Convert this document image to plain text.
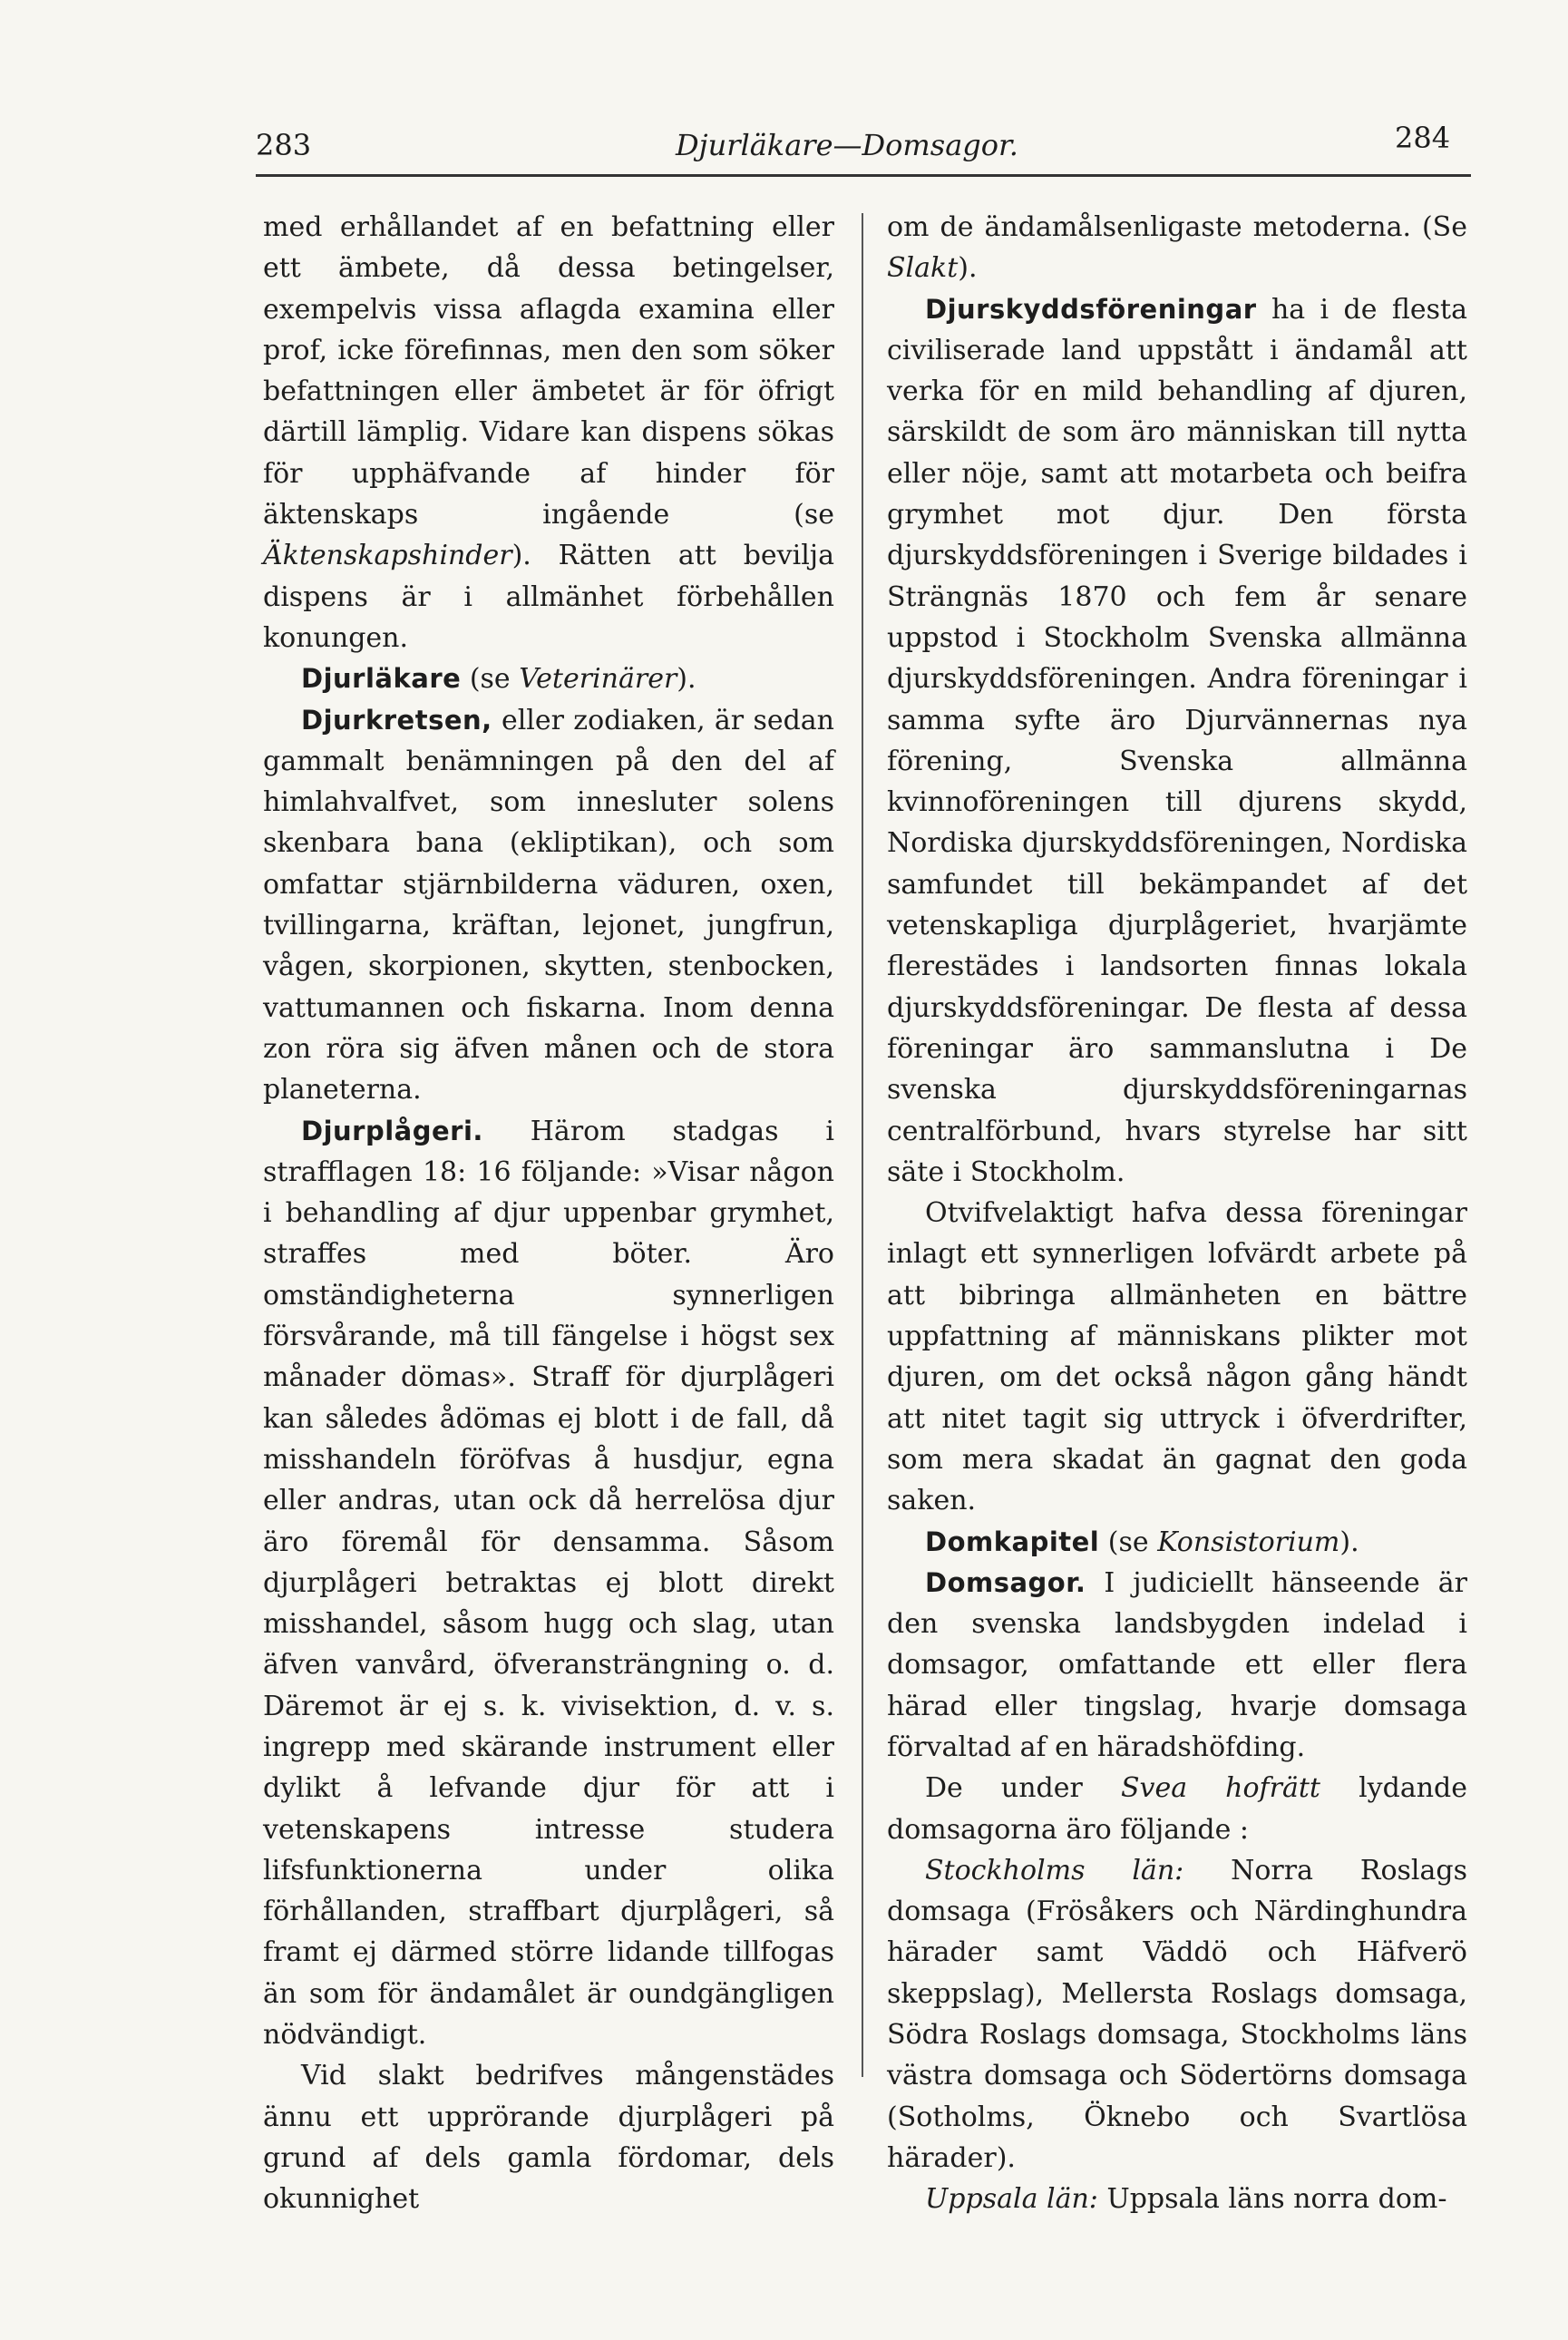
283	Djurläkare—Domsagor.	284

med erhållandet af en befattning eller ett ämbete, då dessa betingelser, exempelvis vissa aflagda examina eller prof, icke förefinnas, men den som söker befattningen eller ämbetet är för öfrigt därtill lämplig. Vidare kan dispens sökas för upphäfvande af hinder för äktenskaps ingående (se Äktenskapshinder). Rätten att bevilja dispens är i allmänhet förbehållen konungen.

Djurläkare (se Veterinärer).

Djurkretsen, eller zodiaken, är sedan gammalt benämningen på den del af himlahvalfvet, som innesluter solens skenbara bana (ekliptikan), och som omfattar stjärnbilderna väduren, oxen, tvillingarna, kräftan, lejonet, jungfrun, vågen, skorpionen, skytten, stenbocken, vattumannen och fiskarna. Inom denna zon röra sig äfven månen och de stora planeterna.

Djurplågeri. Härom stadgas i strafflagen 18: 16 följande: »Visar någon i behandling af djur uppenbar grymhet, straffes med böter. Äro omständigheterna synnerligen försvårande, må till fängelse i högst sex månader dömas». Straff för djurplågeri kan således ådömas ej blott i de fall, då misshandeln föröfvas å husdjur, egna eller andras, utan ock då herrelösa djur äro föremål för densamma. Såsom djurplågeri betraktas ej blott direkt misshandel, såsom hugg och slag, utan äfven vanvård, öfveransträngning o. d. Däremot är ej s. k. vivisektion, d. v. s. ingrepp med skärande instrument eller dylikt å lefvande djur för att i vetenskapens intresse studera lifsfunktionerna under olika förhållanden, straffbart djurplågeri, så framt ej därmed större lidande tillfogas än som för ändamålet är oundgängligen nödvändigt.

Vid slakt bedrifves mångenstädes ännu ett upprörande djurplågeri på grund af dels gamla fördomar, dels okunnighet

om de ändamålsenligaste metoderna. (Se Slakt).

Djurskyddsföreningar ha i de flesta civiliserade land uppstått i ändamål att verka för en mild behandling af djuren, särskildt de som äro människan till nytta eller nöje, samt att motarbeta och beifra grymhet mot djur. Den första djurskyddsföreningen i Sverige bildades i Strängnäs 1870 och fem år senare uppstod i Stockholm Svenska allmänna djurskyddsföreningen. Andra föreningar i samma syfte äro Djurvännernas nya förening, Svenska allmänna kvinnoföreningen till djurens skydd, Nordiska djurskyddsföreningen, Nordiska samfundet till bekämpandet af det vetenskapliga djurplågeriet, hvarjämte flerestädes i landsorten finnas lokala djurskyddsföreningar. De flesta af dessa föreningar äro sammanslutna i De svenska djurskyddsföreningarnas centralförbund, hvars styrelse har sitt säte i Stockholm.

Otvifvelaktigt hafva dessa föreningar inlagt ett synnerligen lofvärdt arbete på att bibringa allmänheten en bättre uppfattning af människans plikter mot djuren, om det också någon gång händt att nitet tagit sig uttryck i öfverdrifter, som mera skadat än gagnat den goda saken.

Domkapitel (se Konsistorium).

Domsagor. I judiciellt hänseende är den svenska landsbygden indelad i domsagor, omfattande ett eller flera härad eller tingslag, hvarje domsaga förvaltad af en häradshöfding.

De under Svea hofrätt lydande domsagorna äro följande :

Stockholms län: Norra Roslags domsaga (Frösåkers och Närdinghundra härader samt Väddö och Häfverö skeppslag), Mellersta Roslags domsaga, Södra Roslags domsaga, Stockholms läns västra domsaga och Södertörns domsaga (Sotholms, Öknebo och Svartlösa härader).

Uppsala län: Uppsala läns norra dom-
